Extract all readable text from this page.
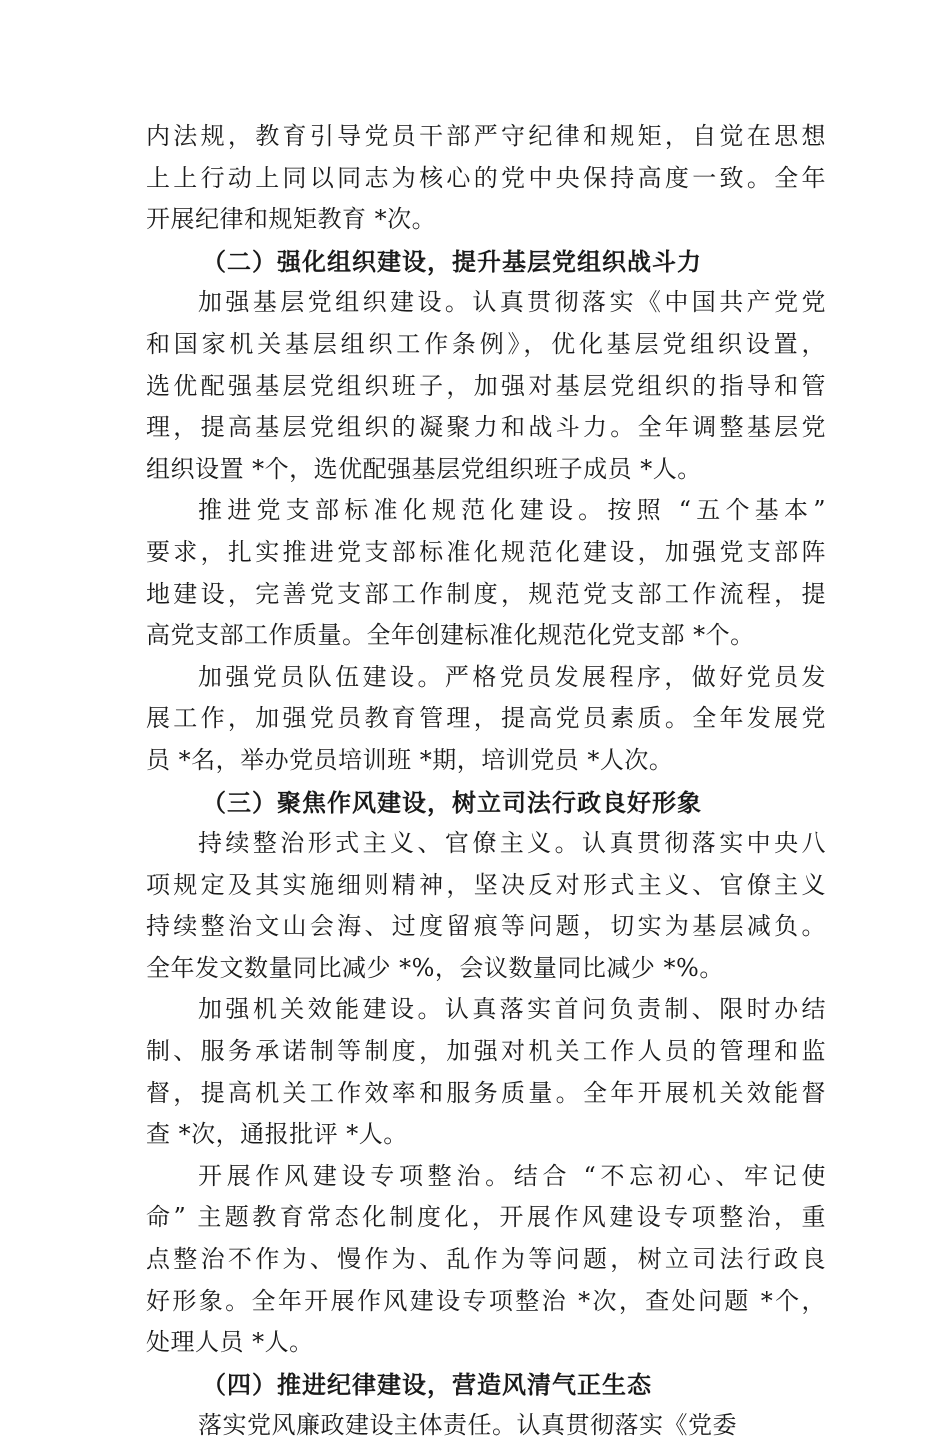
内法规，教育引导党员干部严守纪律和规矩，自觉在思想
上上行动上同以同志为核心的党中央保持高度一致。全年
开展纪律和规矩教育 *次。
（二）强化组织建设，提升基层党组织战斗力
加强基层党组织建设。认真贯彻落实《中国共产党党
和国家机关基层组织工作条例》，优化基层党组织设置，
选优配强基层党组织班子，加强对基层党组织的指导和管
理，提高基层党组织的凝聚力和战斗力。全年调整基层党
组织设置 *个，选优配强基层党组织班子成员 *人。
推进党支部标准化规范化建设。按照 “五个基本”
要求，扎实推进党支部标准化规范化建设，加强党支部阵
地建设，完善党支部工作制度，规范党支部工作流程，提
高党支部工作质量。全年创建标准化规范化党支部 *个。
加强党员队伍建设。严格党员发展程序，做好党员发
展工作，加强党员教育管理，提高党员素质。全年发展党
员 *名，举办党员培训班 *期，培训党员 *人次。
（三）聚焦作风建设，树立司法行政良好形象
持续整治形式主义、官僚主义。认真贯彻落实中央八
项规定及其实施细则精神，坚决反对形式主义、官僚主义
持续整治文山会海、过度留痕等问题，切实为基层减负。
全年发文数量同比减少 *%，会议数量同比减少 *%。
加强机关效能建设。认真落实首问负责制、限时办结
制、服务承诺制等制度，加强对机关工作人员的管理和监
督，提高机关工作效率和服务质量。全年开展机关效能督
查 *次，通报批评 *人。
开展作风建设专项整治。结合 “不忘初心、牢记使
命” 主题教育常态化制度化，开展作风建设专项整治，重
点整治不作为、慢作为、乱作为等问题，树立司法行政良
好形象。全年开展作风建设专项整治 *次，查处问题 *个，
处理人员 *人。
（四）推进纪律建设，营造风清气正生态
落实党风廉政建设主体责任。认真贯彻落实《党委
